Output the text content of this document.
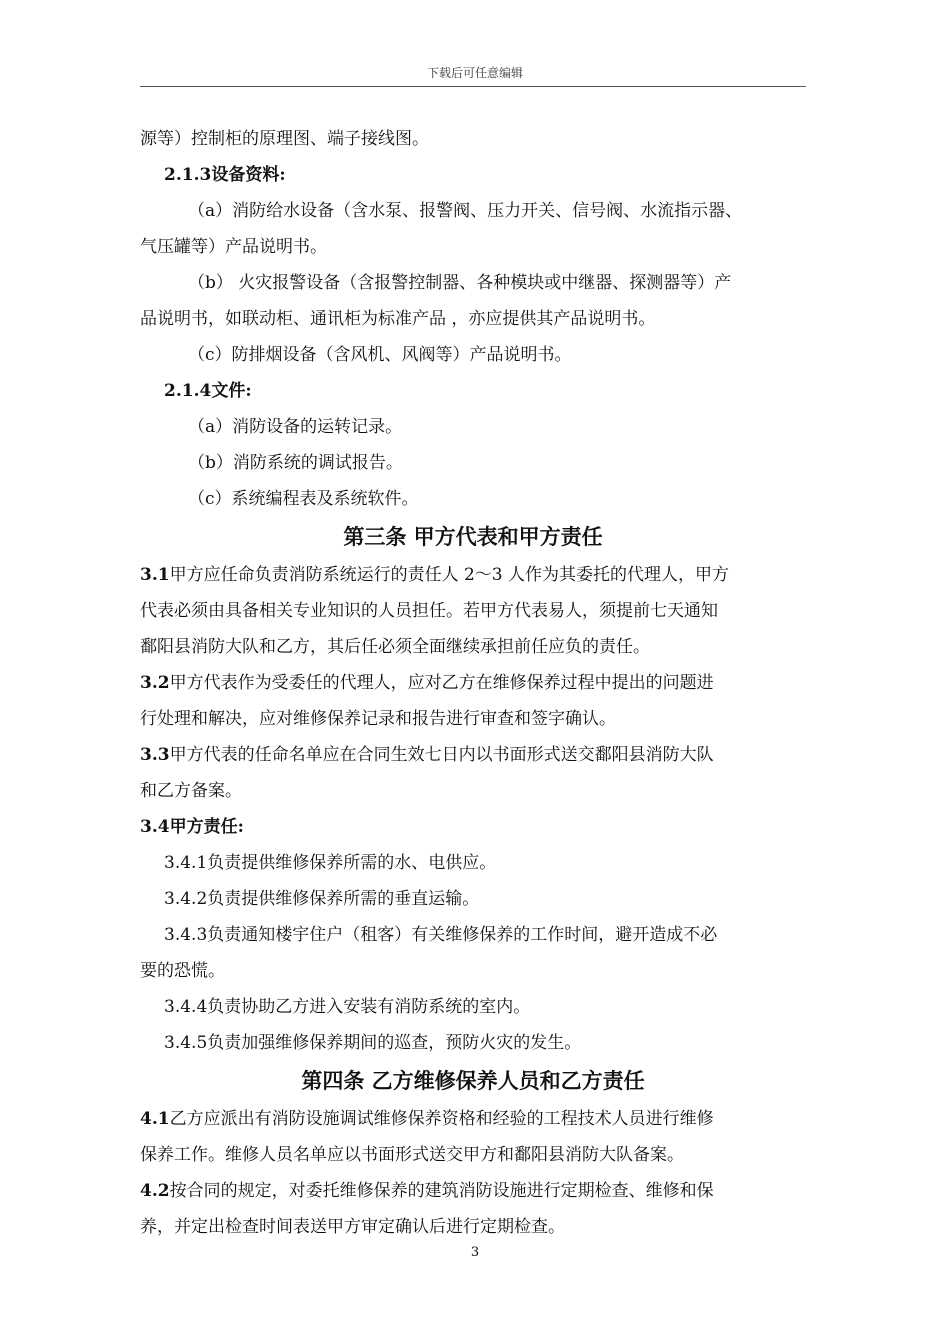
下载后可任意编辑
源等）控制柜的原理图、端子接线图。
2.1.3设备资料:
（a）消防给水设备（含水泵、报警阀、压力开关、信号阀、水流指示器、
气压罐等）产品说明书。
（b） 火灾报警设备（含报警控制器、各种模块或中继器、探测器等）产
品说明书，如联动柜、通讯柜为标准产品 ，亦应提供其产品说明书。
（c）防排烟设备（含风机、风阀等）产品说明书。
2.1.4文件:
（a）消防设备的运转记录。
（b）消防系统的调试报告。
（c）系统编程表及系统软件。
第三条 甲方代表和甲方责任
3.1甲方应任命负责消防系统运行的责任人 2～3 人作为其委托的代理人，甲方
代表必须由具备相关专业知识的人员担任。若甲方代表易人，须提前七天通知
鄱阳县消防大队和乙方，其后任必须全面继续承担前任应负的责任。
3.2甲方代表作为受委任的代理人，应对乙方在维修保养过程中提出的问题进
行处理和解决，应对维修保养记录和报告进行审查和签字确认。
3.3甲方代表的任命名单应在合同生效七日内以书面形式送交鄱阳县消防大队
和乙方备案。
3.4甲方责任:
3.4.1负责提供维修保养所需的水、电供应。
3.4.2负责提供维修保养所需的垂直运输。
3.4.3负责通知楼宇住户（租客）有关维修保养的工作时间，避开造成不必
要的恐慌。
3.4.4负责协助乙方进入安装有消防系统的室内。
3.4.5负责加强维修保养期间的巡查，预防火灾的发生。
第四条 乙方维修保养人员和乙方责任
4.1乙方应派出有消防设施调试维修保养资格和经验的工程技术人员进行维修
保养工作。维修人员名单应以书面形式送交甲方和鄱阳县消防大队备案。
4.2按合同的规定，对委托维修保养的建筑消防设施进行定期检查、维修和保
养，并定出检查时间表送甲方审定确认后进行定期检查。
3
